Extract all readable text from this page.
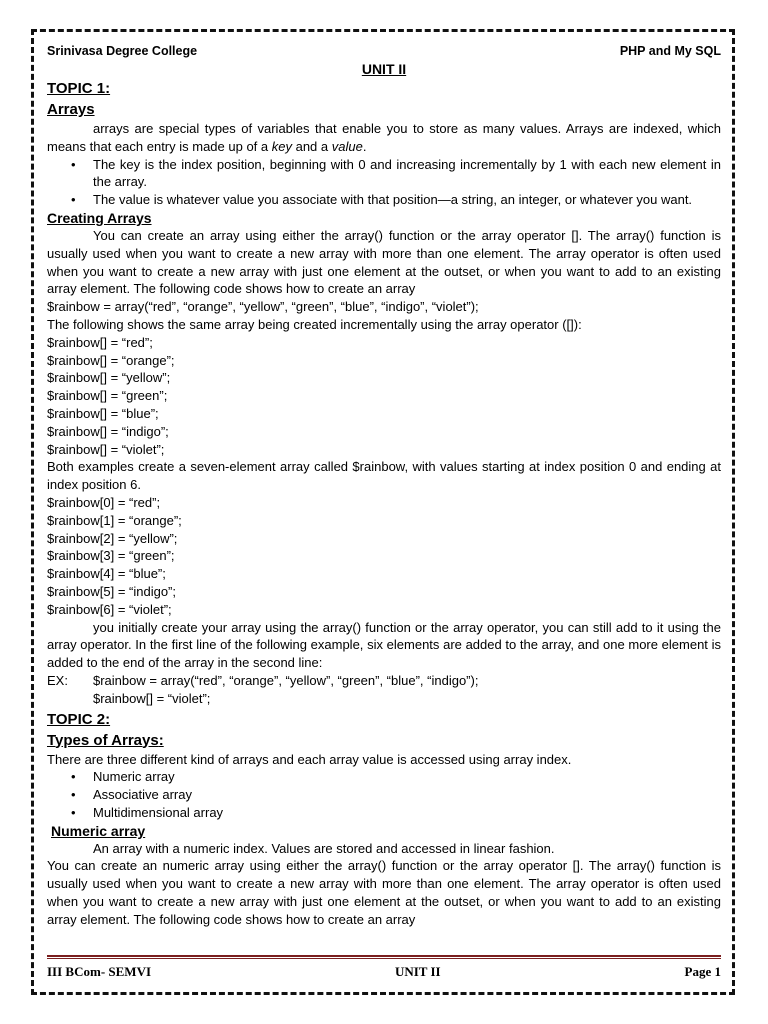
Srinivasa Degree College	PHP and My SQL
UNIT II
TOPIC 1:
Arrays

arrays are special types of variables that enable you to store as many values. Arrays are indexed, which means that each entry is made up of a key and a value.

• The key is the index position, beginning with 0 and increasing incrementally by 1 with each new element in the array.
• The value is whatever value you associate with that position—a string, an integer, or whatever you want.
Creating Arrays

You can create an array using either the array() function or the array operator []. The array() function is usually used when you want to create a new array with more than one element. The array operator is often used when you want to create a new array with just one element at the outset, or when you want to add to an existing array element. The following code shows how to create an array

$rainbow = array(“red”, “orange”, “yellow”, “green”, “blue”, “indigo”, “violet”);

The following shows the same array being created incrementally using the array operator ([]):

$rainbow[] = “red”;
$rainbow[] = “orange”;
$rainbow[] = “yellow”;
$rainbow[] = “green”;
$rainbow[] = “blue”;
$rainbow[] = “indigo”;
$rainbow[] = “violet”;

Both examples create a seven-element array called $rainbow, with values starting at index position 0 and ending at index position 6.

$rainbow[0] = “red”;
$rainbow[1] = “orange”;
$rainbow[2] = “yellow”;
$rainbow[3] = “green”;
$rainbow[4] = “blue”;
$rainbow[5] = “indigo”;
$rainbow[6] = “violet”;

you initially create your array using the array() function or the array operator, you can still add to it using the array operator. In the first line of the following example, six elements are added to the array, and one more element is added to the end of the array in the second line:

EX:	$rainbow = array(“red”, “orange”, “yellow”, “green”, “blue”, “indigo”);
$rainbow[] = “violet”;
TOPIC 2:
Types of Arrays:

There are three different kind of arrays and each array value is accessed using array index.

• Numeric array
• Associative array
• Multidimensional array
Numeric array

An array with a numeric index. Values are stored and accessed in linear fashion.

You can create an numeric array using either the array() function or the array operator []. The array() function is usually used when you want to create a new array with more than one element. The array operator is often used when you want to create a new array with just one element at the outset, or when you want to add to an existing array element. The following code shows how to create an array

III BCom- SEMVI	UNIT II	Page 1
